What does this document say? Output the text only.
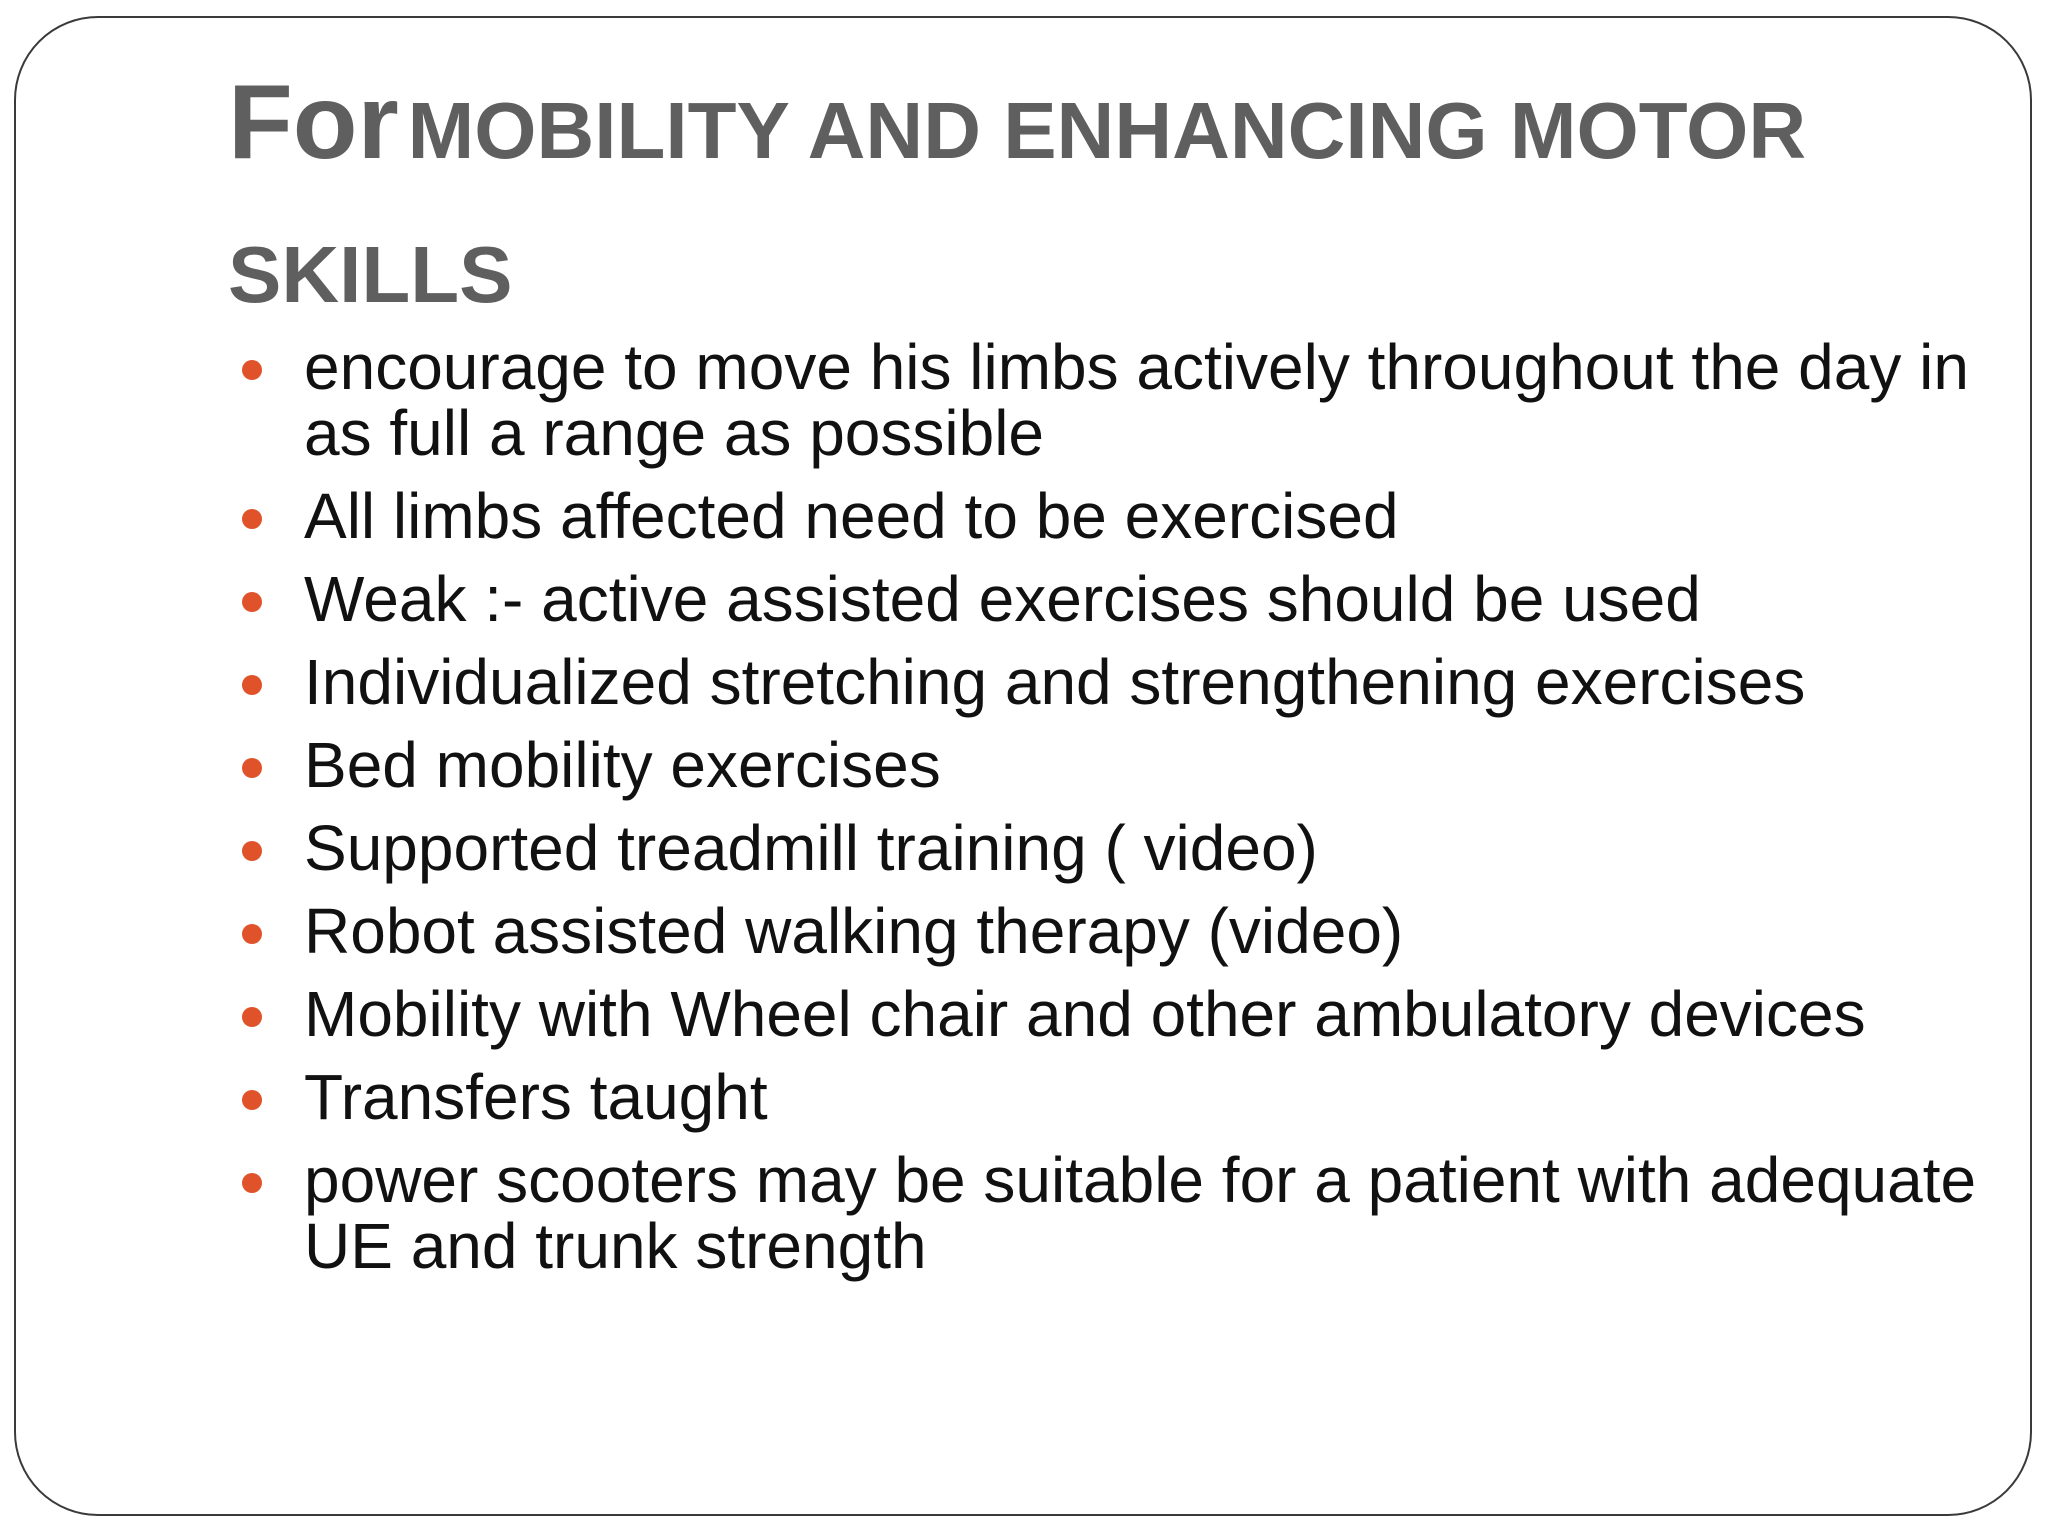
For MOBILITY AND ENHANCING MOTOR SKILLS
encourage to move his limbs actively throughout the day in as full a range as possible
All limbs affected need to be exercised
Weak :- active assisted exercises should be used
Individualized stretching and strengthening exercises
Bed mobility exercises
Supported treadmill training ( video)
Robot assisted walking therapy (video)
Mobility with Wheel chair and other ambulatory devices
Transfers taught
power scooters may be suitable for a patient with adequate UE and trunk strength
